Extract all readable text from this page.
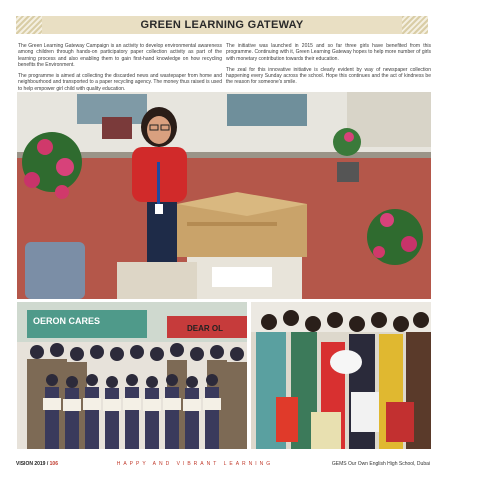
GREEN LEARNING GATEWAY

The Green Learning Gateway Campaign is an activity to develop environmental awareness among children through hands-on participatory paper collection activity as part of the learning process and also enabling them to gain first-hand knowledge on how recycling benefits the Environment.

The programme is aimed at collecting the discarded news and wastepaper from home and neighbourhood and transported to a paper recycling agency. The money thus raised is used to help empower girl child with quality education.

The initiative was launched in 2015 and so far three girls have benefited from this programme. Continuing with it, Green Learning Gateway hopes to help more number of girls with monetary contribution towards their education.

The zeal for this innovative initiative is clearly evident by way of newspaper collection happening every Sunday across the school. Hope this continues and the act of kindness be the reason for someone's smile.

OERON CARES
DEAR OL
VISION 2019 / 106	HAPPY AND VIBRANT LEARNING	GEMS Our Own English High School, Dubai
